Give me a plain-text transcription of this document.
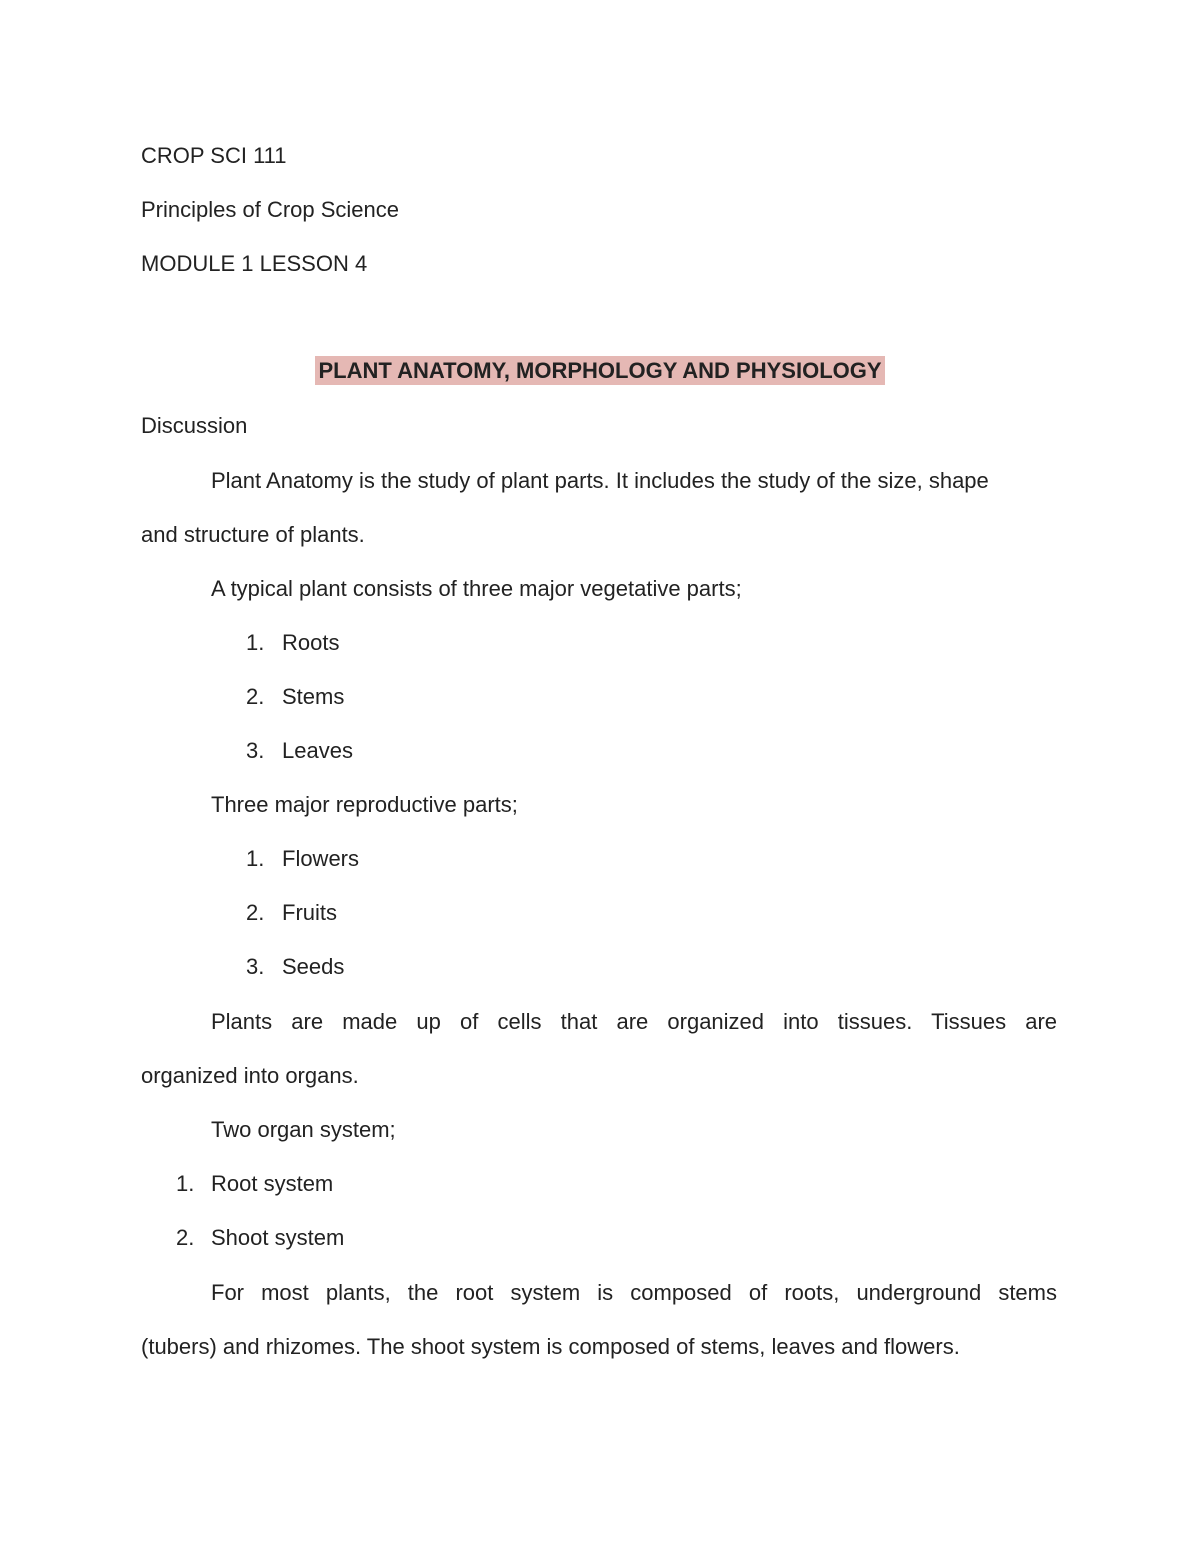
CROP SCI 111
Principles of Crop Science
MODULE 1 LESSON 4
PLANT ANATOMY, MORPHOLOGY AND PHYSIOLOGY
Discussion
Plant Anatomy is the study of plant parts. It includes the study of the size, shape
and structure of plants.
A typical plant consists of three major vegetative parts;
1. Roots
2. Stems
3. Leaves
Three major reproductive parts;
1. Flowers
2. Fruits
3. Seeds
Plants are made up of cells that are organized into tissues. Tissues are
organized into organs.
Two organ system;
1. Root system
2. Shoot system
For most plants, the root system is composed of roots, underground stems
(tubers) and rhizomes. The shoot system is composed of stems, leaves and flowers.
